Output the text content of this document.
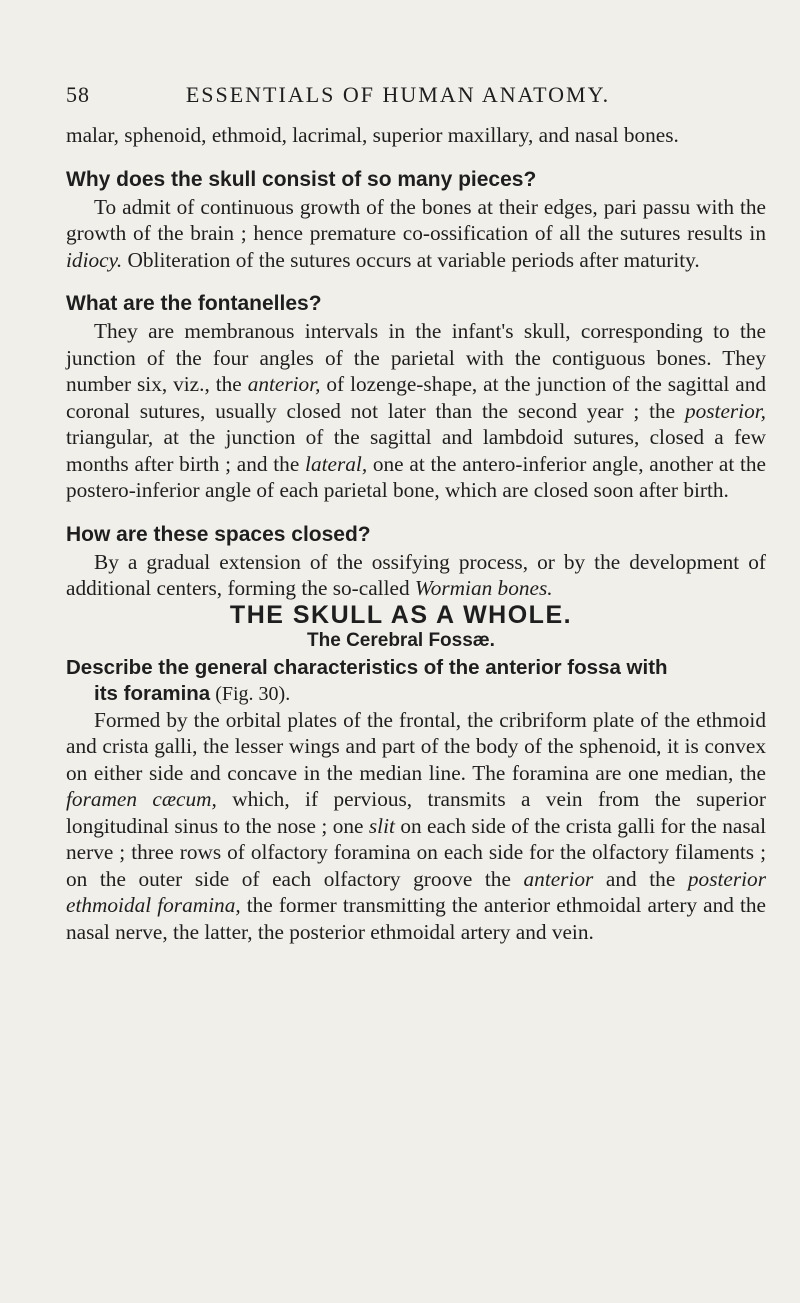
58	ESSENTIALS OF HUMAN ANATOMY.

malar, sphenoid, ethmoid, lacrimal, superior maxillary, and nasal bones.

Why does the skull consist of so many pieces?

To admit of continuous growth of the bones at their edges, pari passu with the growth of the brain ; hence premature co-ossification of all the sutures results in idiocy. Obliteration of the sutures occurs at variable periods after maturity.

What are the fontanelles?

They are membranous intervals in the infant's skull, corresponding to the junction of the four angles of the parietal with the contiguous bones. They number six, viz., the anterior, of lozenge-shape, at the junction of the sagittal and coronal sutures, usually closed not later than the second year ; the posterior, triangular, at the junction of the sagittal and lambdoid sutures, closed a few months after birth ; and the lateral, one at the antero-inferior angle, another at the postero-inferior angle of each parietal bone, which are closed soon after birth.

How are these spaces closed?

By a gradual extension of the ossifying process, or by the development of additional centers, forming the so-called Wormian bones.

THE SKULL AS A WHOLE.

The Cerebral Fossæ.

Describe the general characteristics of the anterior fossa with
its foramina (Fig. 30).

Formed by the orbital plates of the frontal, the cribriform plate of the ethmoid and crista galli, the lesser wings and part of the body of the sphenoid, it is convex on either side and concave in the median line. The foramina are one median, the foramen cæcum, which, if pervious, transmits a vein from the superior longitudinal sinus to the nose ; one slit on each side of the crista galli for the nasal nerve ; three rows of olfactory foramina on each side for the olfactory filaments ; on the outer side of each olfactory groove the anterior and the posterior ethmoidal foramina, the former transmitting the anterior ethmoidal artery and the nasal nerve, the latter, the posterior ethmoidal artery and vein.
